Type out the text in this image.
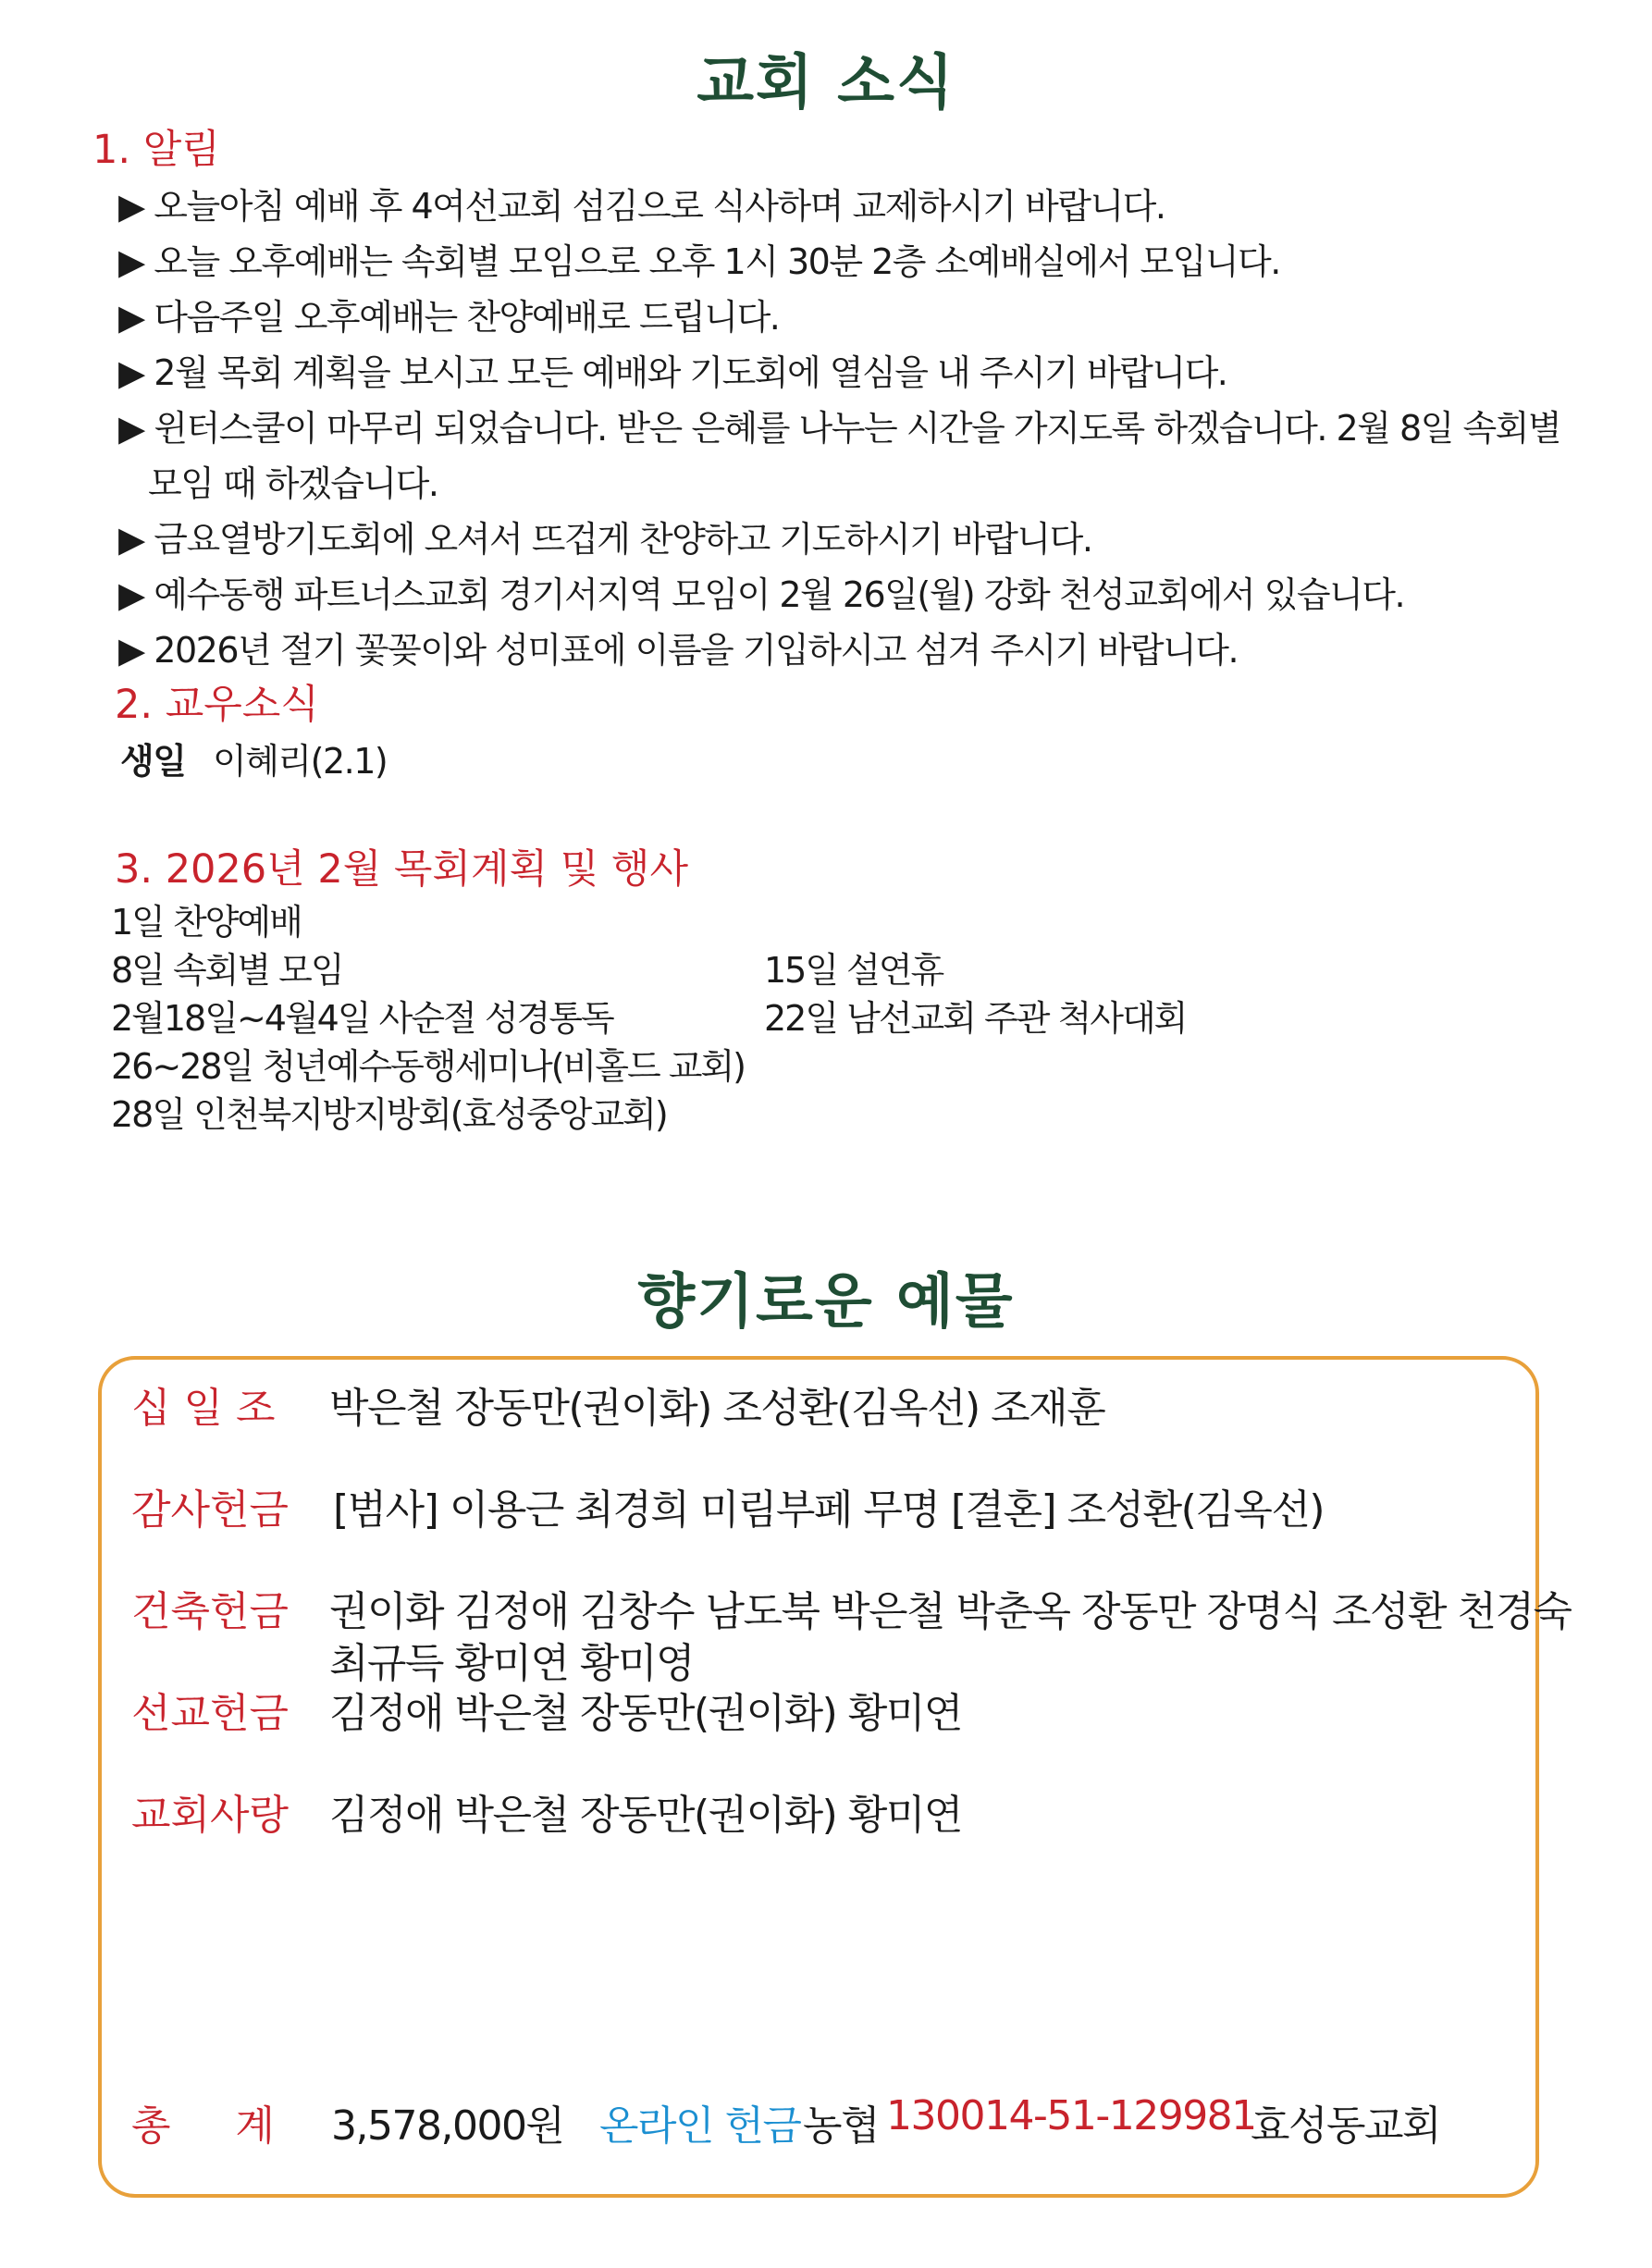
교회 소식
1. 알림
▶ 오늘아침 예배 후 4여선교회 섬김으로 식사하며 교제하시기 바랍니다.
▶ 오늘 오후예배는 속회별 모임으로 오후 1시 30분 2층 소예배실에서 모입니다.
▶ 다음주일 오후예배는 찬양예배로 드립니다.
▶ 2월 목회 계획을 보시고 모든 예배와 기도회에 열심을 내 주시기 바랍니다.
▶ 윈터스쿨이 마무리 되었습니다. 받은 은혜를 나누는 시간을 가지도록 하겠습니다. 2월 8일 속회별
모임 때 하겠습니다.
▶ 금요열방기도회에 오셔서 뜨겁게 찬양하고 기도하시기 바랍니다.
▶ 예수동행 파트너스교회 경기서지역 모임이 2월 26일(월) 강화 천성교회에서 있습니다.
▶ 2026년 절기 꽃꽂이와 성미표에 이름을 기입하시고 섬겨 주시기 바랍니다.
2. 교우소식
생일 이혜리(2.1)
3. 2026년 2월 목회계획 및 행사
1일 찬양예배
8일 속회별 모임
2월18일~4월4일 사순절 성경통독
26~28일 청년예수동행세미나(비홀드 교회)
28일 인천북지방지방회(효성중앙교회)
15일 설연휴
22일 남선교회 주관 척사대회
향기로운 예물
십 일 조 박은철 장동만(권이화) 조성환(김옥선) 조재훈
감사헌금 [범사] 이용근 최경희 미림부페 무명 [결혼] 조성환(김옥선)
건축헌금 권이화 김정애 김창수 남도북 박은철 박춘옥 장동만 장명식 조성환 천경숙
최규득 황미연 황미영
선교헌금 김정애 박은철 장동만(권이화) 황미연
교회사랑 김정애 박은철 장동만(권이화) 황미연
총     계 3,578,000원 온라인 헌금 농협 130014-51-129981
효성동교회
